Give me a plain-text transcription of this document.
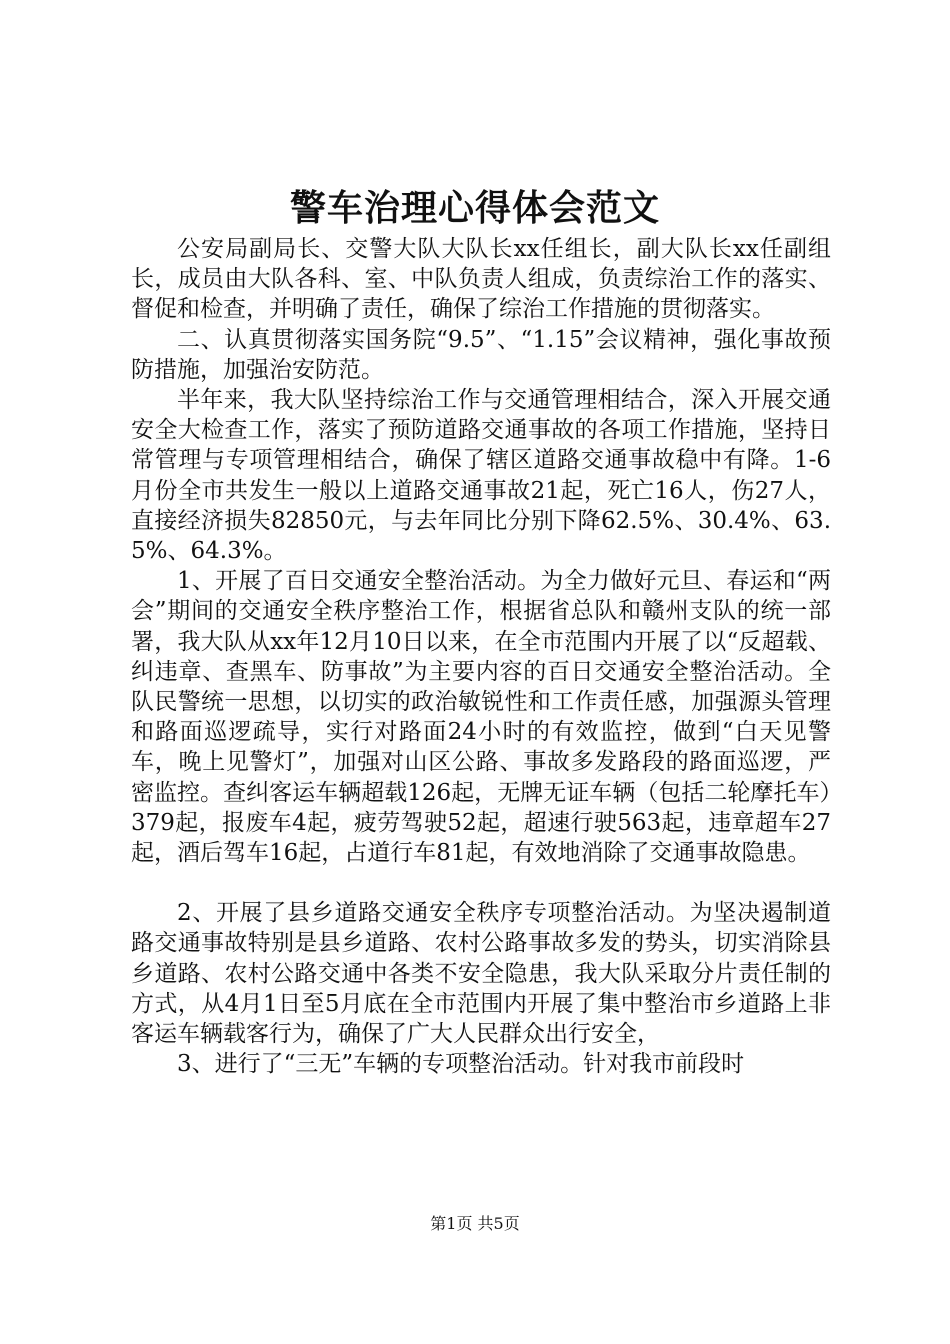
警车治理心得体会范文

公安局副局长、交警大队大队长xx任组长，副大队长xx任副组长，成员由大队各科、室、中队负责人组成，负责综治工作的落实、督促和检查，并明确了责任，确保了综治工作措施的贯彻落实。

二、认真贯彻落实国务院“9.5”、“1.15”会议精神，强化事故预防措施，加强治安防范。

半年来，我大队坚持综治工作与交通管理相结合，深入开展交通安全大检查工作，落实了预防道路交通事故的各项工作措施，坚持日常管理与专项管理相结合，确保了辖区道路交通事故稳中有降。1-6月份全市共发生一般以上道路交通事故21起，死亡16人，伤27人，直接经济损失82850元，与去年同比分别下降62.5%、30.4%、63.5%、64.3%。

1、开展了百日交通安全整治活动。为全力做好元旦、春运和“两会”期间的交通安全秩序整治工作，根据省总队和赣州支队的统一部署，我大队从xx年12月10日以来，在全市范围内开展了以“反超载、纠违章、查黑车、防事故”为主要内容的百日交通安全整治活动。全队民警统一思想，以切实的政治敏锐性和工作责任感，加强源头管理和路面巡逻疏导，实行对路面24小时的有效监控，做到“白天见警车，晚上见警灯”，加强对山区公路、事故多发路段的路面巡逻，严密监控。查纠客运车辆超载126起，无牌无证车辆（包括二轮摩托车）379起，报废车4起，疲劳驾驶52起，超速行驶563起，违章超车27起，酒后驾车16起，占道行车81起，有效地消除了交通事故隐患。

2、开展了县乡道路交通安全秩序专项整治活动。为坚决遏制道路交通事故特别是县乡道路、农村公路事故多发的势头，切实消除县乡道路、农村公路交通中各类不安全隐患，我大队采取分片责任制的方式，从4月1日至5月底在全市范围内开展了集中整治市乡道路上非客运车辆载客行为，确保了广大人民群众出行安全，

3、进行了“三无”车辆的专项整治活动。针对我市前段时

第1页 共5页
